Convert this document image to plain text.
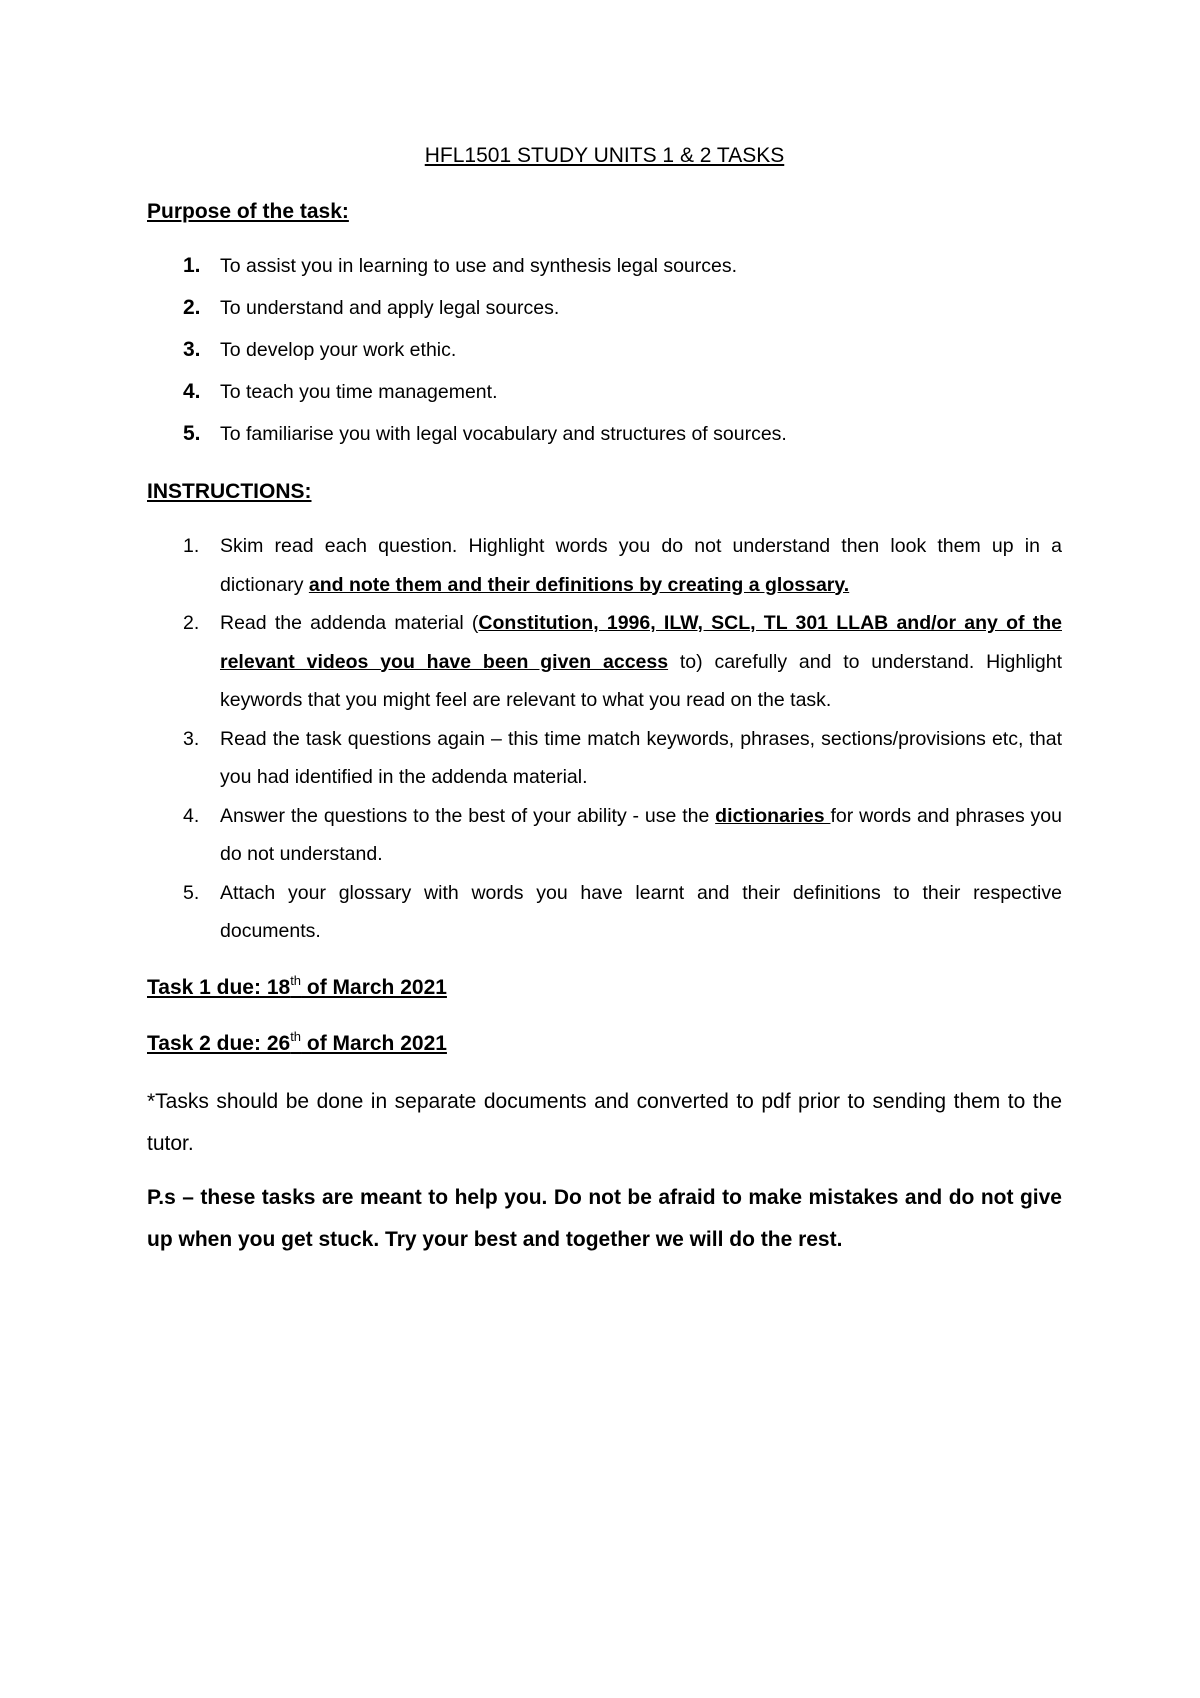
HFL1501 STUDY UNITS 1 & 2 TASKS

Purpose of the task:

1. To assist you in learning to use and synthesis legal sources.
2. To understand and apply legal sources.
3. To develop your work ethic.
4. To teach you time management.
5. To familiarise you with legal vocabulary and structures of sources.

INSTRUCTIONS:

1. Skim read each question. Highlight words you do not understand then look them up in a dictionary and note them and their definitions by creating a glossary.
2. Read the addenda material (Constitution, 1996, ILW, SCL, TL 301 LLAB and/or any of the relevant videos you have been given access to) carefully and to understand. Highlight keywords that you might feel are relevant to what you read on the task.
3. Read the task questions again – this time match keywords, phrases, sections/provisions etc, that you had identified in the addenda material.
4. Answer the questions to the best of your ability - use the dictionaries for words and phrases you do not understand.
5. Attach your glossary with words you have learnt and their definitions to their respective documents.

Task 1 due: 18th of March 2021

Task 2 due: 26th of March 2021

*Tasks should be done in separate documents and converted to pdf prior to sending them to the tutor.

P.s – these tasks are meant to help you. Do not be afraid to make mistakes and do not give up when you get stuck. Try your best and together we will do the rest.
